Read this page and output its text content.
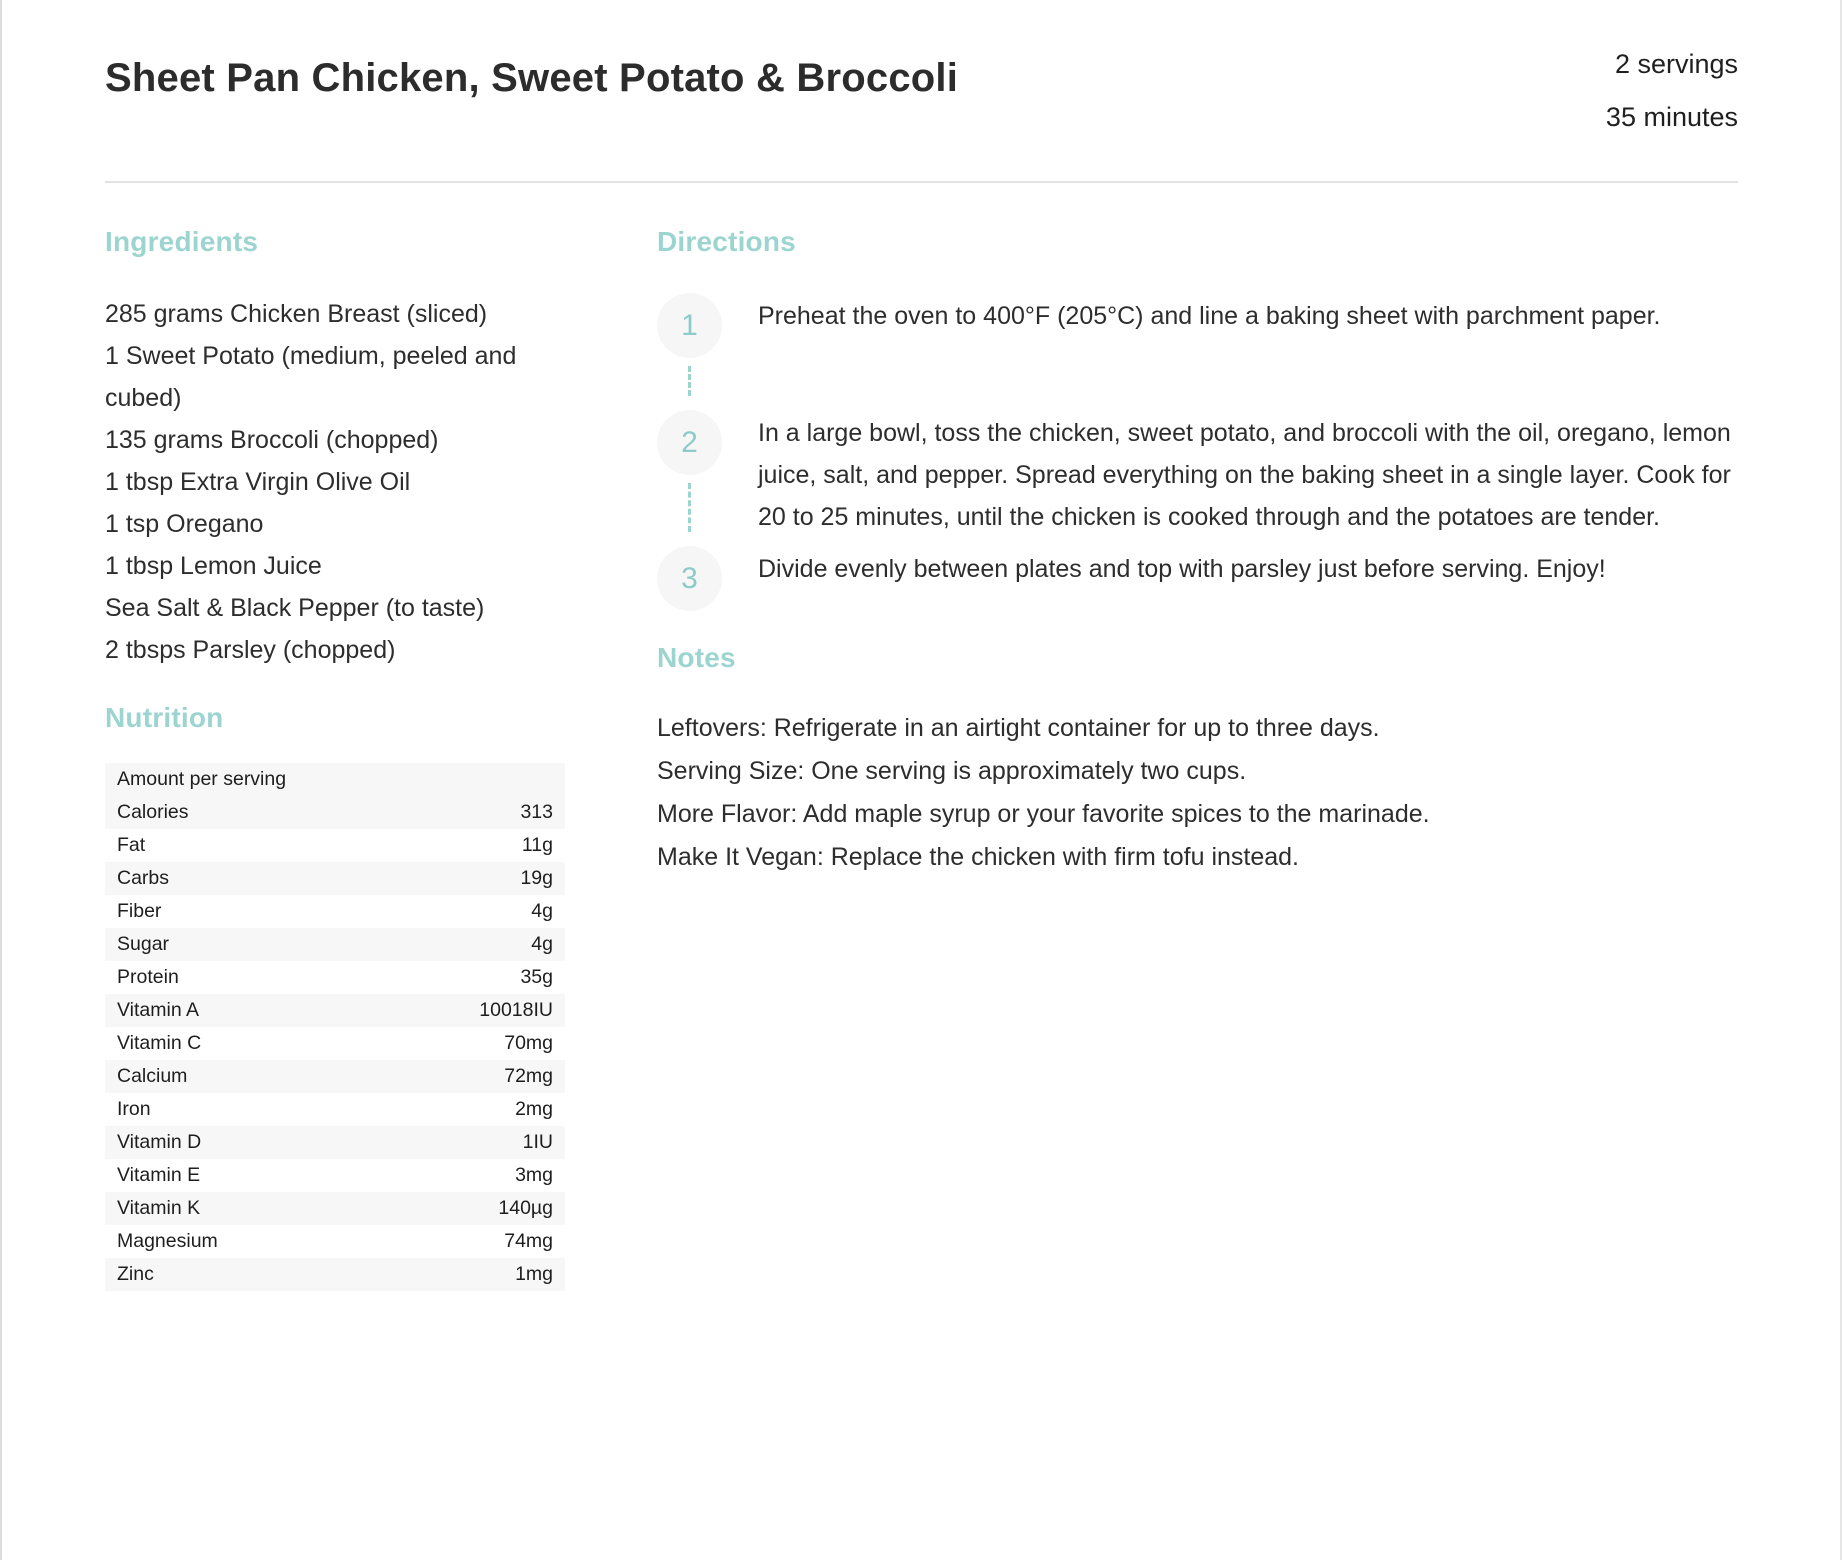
Sheet Pan Chicken, Sweet Potato & Broccoli	2 servings
35 minutes
Ingredients
285 grams Chicken Breast (sliced)
1 Sweet Potato (medium, peeled and cubed)
135 grams Broccoli (chopped)
1 tbsp Extra Virgin Olive Oil
1 tsp Oregano
1 tbsp Lemon Juice
Sea Salt & Black Pepper (to taste)
2 tbsps Parsley (chopped)
Nutrition
Amount per serving	
Calories	313
Fat	11g
Carbs	19g
Fiber	4g
Sugar	4g
Protein	35g
Vitamin A	10018IU
Vitamin C	70mg
Calcium	72mg
Iron	2mg
Vitamin D	1IU
Vitamin E	3mg
Vitamin K	140µg
Magnesium	74mg
Zinc	1mg
Directions
1 Preheat the oven to 400°F (205°C) and line a baking sheet with parchment paper.
2 In a large bowl, toss the chicken, sweet potato, and broccoli with the oil, oregano, lemon juice, salt, and pepper. Spread everything on the baking sheet in a single layer. Cook for 20 to 25 minutes, until the chicken is cooked through and the potatoes are tender.
3 Divide evenly between plates and top with parsley just before serving. Enjoy!
Notes
Leftovers: Refrigerate in an airtight container for up to three days.
Serving Size: One serving is approximately two cups.
More Flavor: Add maple syrup or your favorite spices to the marinade.
Make It Vegan: Replace the chicken with firm tofu instead.
